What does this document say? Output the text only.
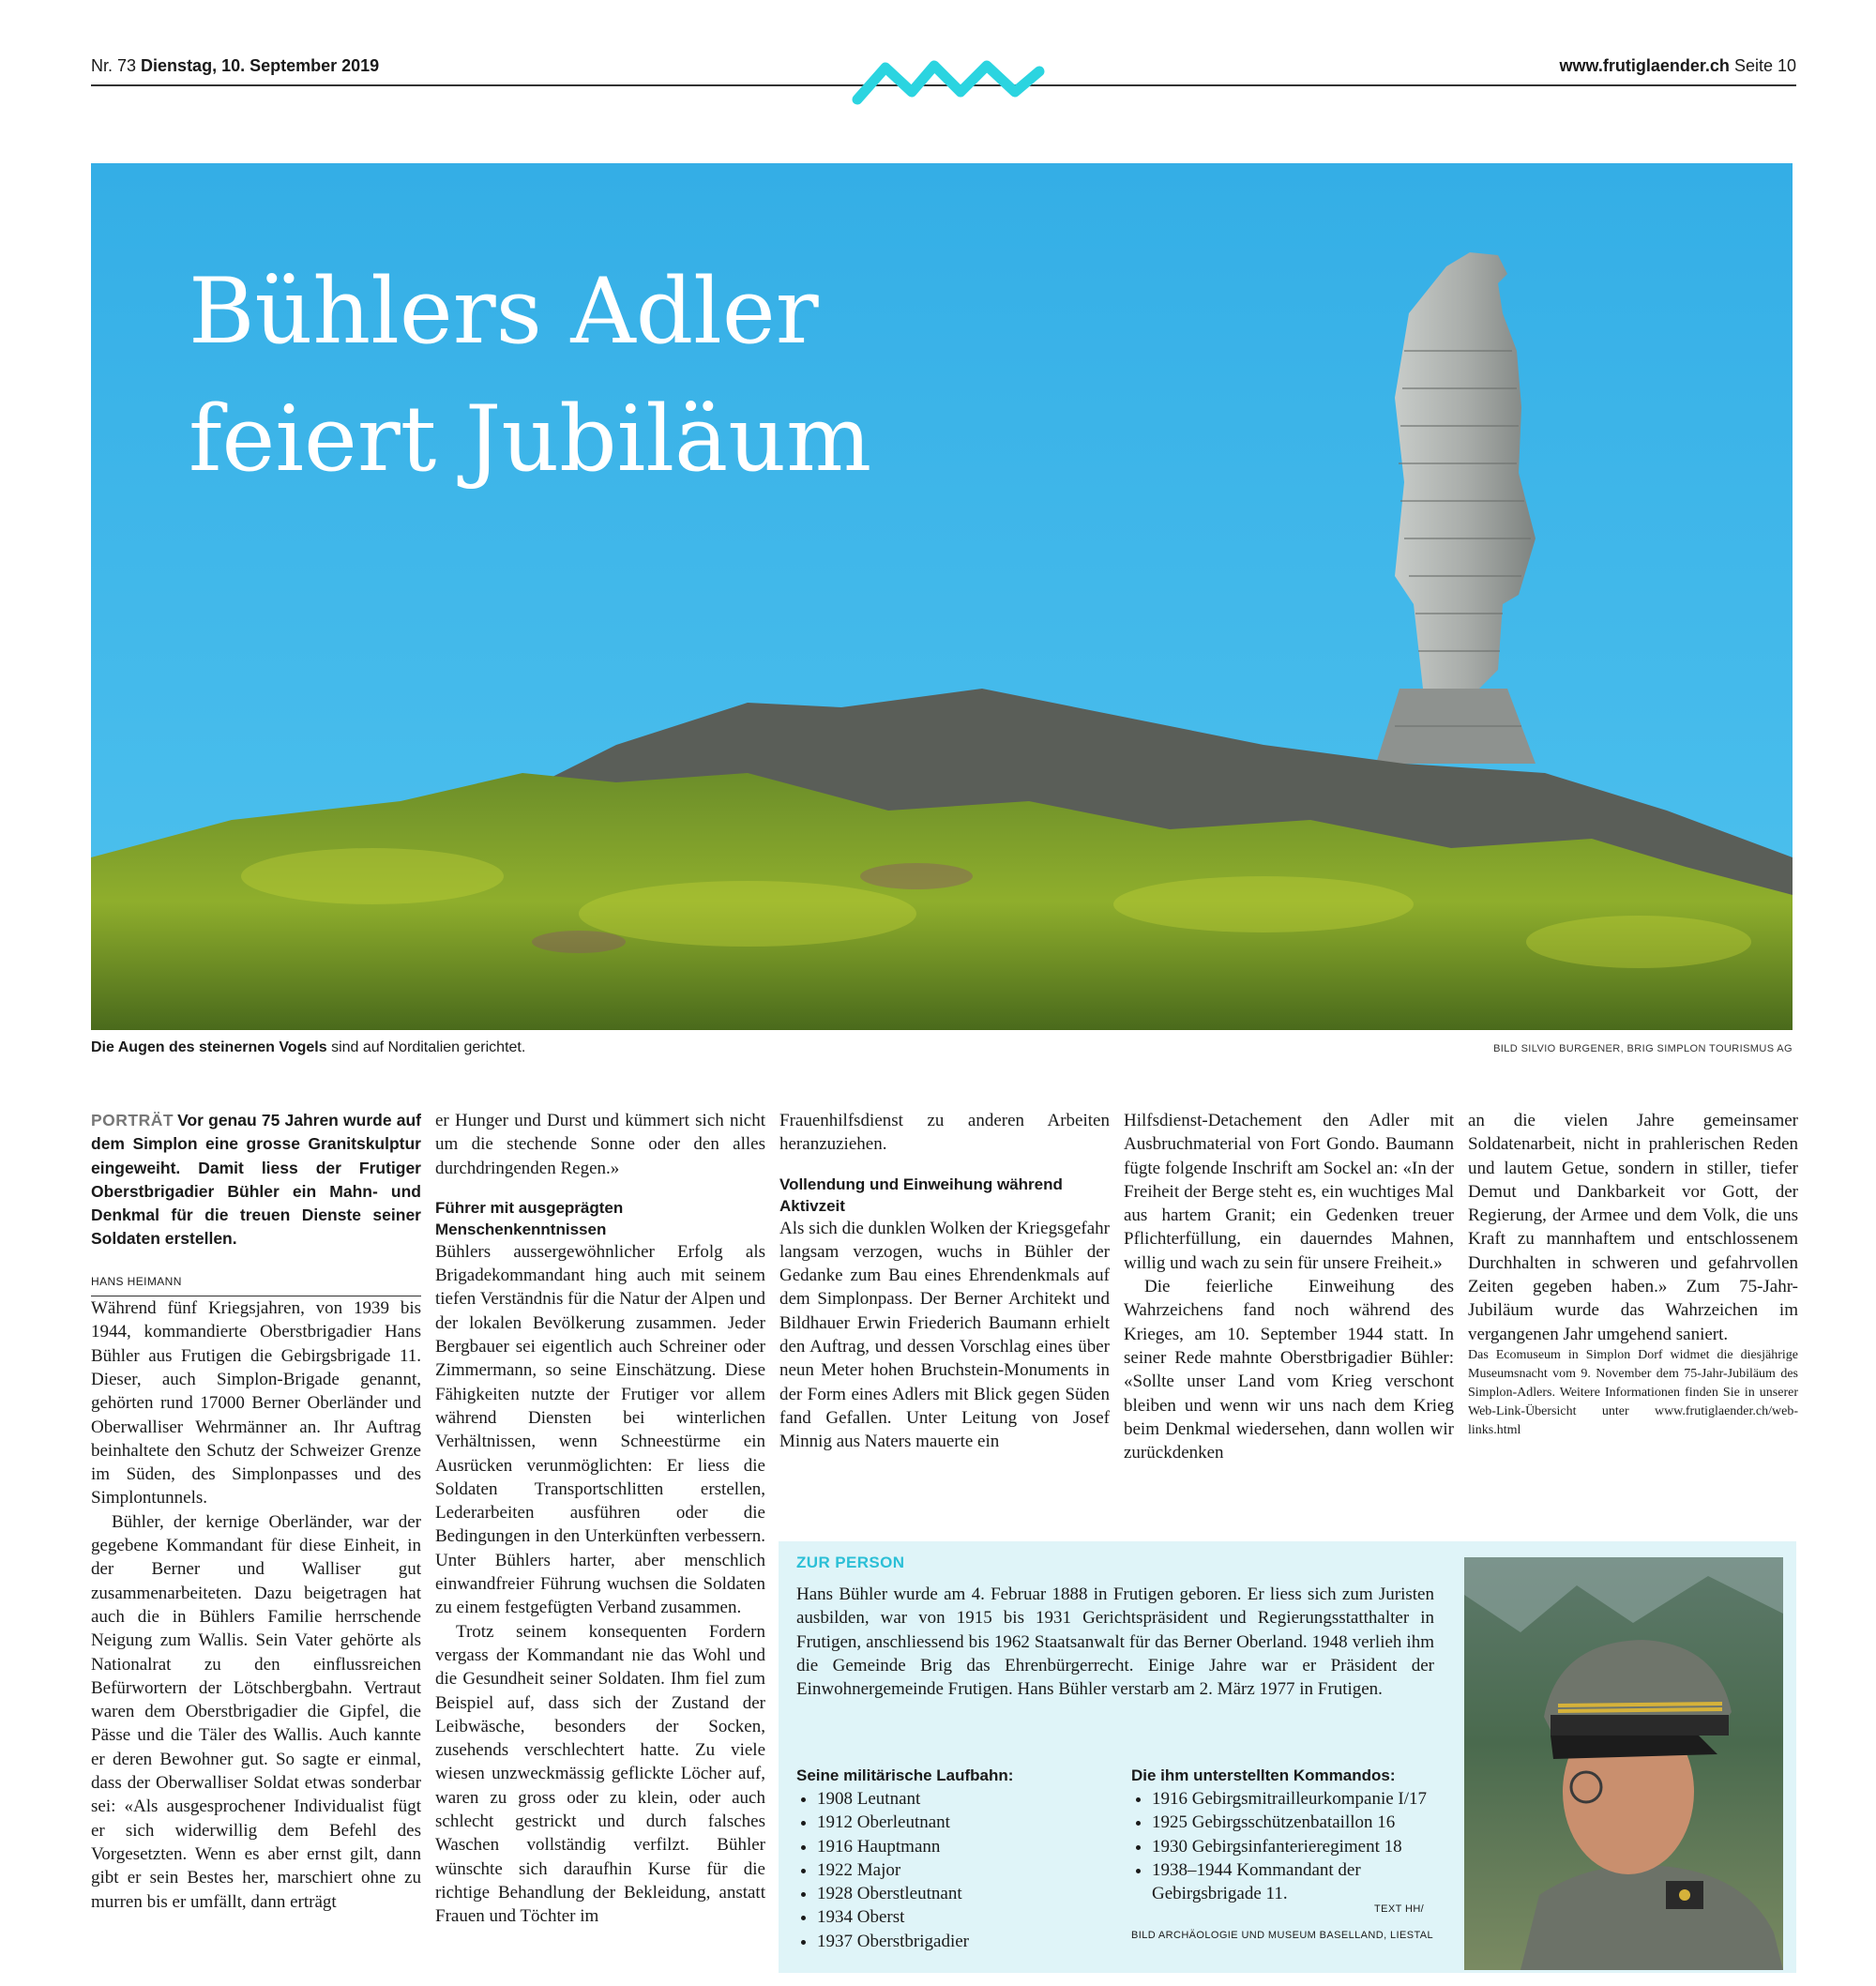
Nr. 73 Dienstag, 10. September 2019	www.frutiglaender.ch Seite 10
Bühlers Adler
feiert Jubiläum
Die Augen des steinernen Vogels sind auf Norditalien gerichtet.	BILD SILVIO BURGENER, BRIG SIMPLON TOURISMUS AG
PORTRÄT Vor genau 75 Jahren wurde auf dem Simplon eine grosse Granitskulptur eingeweiht. Damit liess der Frutiger Oberstbrigadier Bühler ein Mahn- und Denkmal für die treuen Dienste seiner Soldaten erstellen.
HANS HEIMANN

Während fünf Kriegsjahren, von 1939 bis 1944, kommandierte Oberstbrigadier Hans Bühler aus Frutigen die Gebirgsbrigade 11. Dieser, auch Simplon-Brigade genannt, gehörten rund 17000 Berner Oberländer und Oberwalliser Wehrmänner an. Ihr Auftrag beinhaltete den Schutz der Schweizer Grenze im Süden, des Simplonpasses und des Simplontunnels.

Bühler, der kernige Oberländer, war der gegebene Kommandant für diese Einheit, in der Berner und Walliser gut zusammenarbeiteten. Dazu beigetragen hat auch die in Bühlers Familie herrschende Neigung zum Wallis. Sein Vater gehörte als Nationalrat zu den einflussreichen Befürwortern der Lötschbergbahn. Vertraut waren dem Oberstbrigadier die Gipfel, die Pässe und die Täler des Wallis. Auch kannte er deren Bewohner gut. So sagte er einmal, dass der Oberwalliser Soldat etwas sonderbar sei: «Als ausgesprochener Individualist fügt er sich widerwillig dem Befehl des Vorgesetzten. Wenn es aber ernst gilt, dann gibt er sein Bestes her, marschiert ohne zu murren bis er umfällt, dann erträgt

er Hunger und Durst und kümmert sich nicht um die stechende Sonne oder den alles durchdringenden Regen.»

Führer mit ausgeprägten Menschenkenntnissen

Bühlers aussergewöhnlicher Erfolg als Brigadekommandant hing auch mit seinem tiefen Verständnis für die Natur der Alpen und der lokalen Bevölkerung zusammen. Jeder Bergbauer sei eigentlich auch Schreiner oder Zimmermann, so seine Einschätzung. Diese Fähigkeiten nutzte der Frutiger vor allem während Diensten bei winterlichen Verhältnissen, wenn Schneestürme ein Ausrücken verunmöglichten: Er liess die Soldaten Transportschlitten erstellen, Lederarbeiten ausführen oder die Bedingungen in den Unterkünften verbessern. Unter Bühlers harter, aber menschlich einwandfreier Führung wuchsen die Soldaten zu einem festgefügten Verband zusammen.

Trotz seinem konsequenten Fordern vergass der Kommandant nie das Wohl und die Gesundheit seiner Soldaten. Ihm fiel zum Beispiel auf, dass sich der Zustand der Leibwäsche, besonders der Socken, zusehends verschlechtert hatte. Zu viele wiesen unzweckmässig geflickte Löcher auf, waren zu gross oder zu klein, oder auch schlecht gestrickt und durch falsches Waschen vollständig verfilzt. Bühler wünschte sich daraufhin Kurse für die richtige Behandlung der Bekleidung, anstatt Frauen und Töchter im

Frauenhilfsdienst zu anderen Arbeiten heranzuziehen.

Vollendung und Einweihung während Aktivzeit

Als sich die dunklen Wolken der Kriegsgefahr langsam verzogen, wuchs in Bühler der Gedanke zum Bau eines Ehrendenkmals auf dem Simplonpass. Der Berner Architekt und Bildhauer Erwin Friederich Baumann erhielt den Auftrag, und dessen Vorschlag eines über neun Meter hohen Bruchstein-Monuments in der Form eines Adlers mit Blick gegen Süden fand Gefallen. Unter Leitung von Josef Minnig aus Naters mauerte ein

Hilfsdienst-Detachement den Adler mit Ausbruchmaterial von Fort Gondo. Baumann fügte folgende Inschrift am Sockel an: «In der Freiheit der Berge steht es, ein wuchtiges Mal aus hartem Granit; ein Gedenken treuer Pflichterfüllung, ein dauerndes Mahnen, willig und wach zu sein für unsere Freiheit.»

Die feierliche Einweihung des Wahrzeichens fand noch während des Krieges, am 10. September 1944 statt. In seiner Rede mahnte Oberstbrigadier Bühler: «Sollte unser Land vom Krieg verschont bleiben und wenn wir uns nach dem Krieg beim Denkmal wiedersehen, dann wollen wir zurückdenken

an die vielen Jahre gemeinsamer Soldatenarbeit, nicht in prahlerischen Reden und lautem Getue, sondern in stiller, tiefer Demut und Dankbarkeit vor Gott, der Regierung, der Armee und dem Volk, die uns Kraft zu mannhaftem und entschlossenem Durchhalten in schweren und gefahrvollen Zeiten gegeben haben.» Zum 75-Jahr-Jubiläum wurde das Wahrzeichen im vergangenen Jahr umgehend saniert.

Das Ecomuseum in Simplon Dorf widmet die diesjährige Museumsnacht vom 9. November dem 75-Jahr-Jubiläum des Simplon-Adlers. Weitere Informationen finden Sie in unserer Web-Link-Übersicht unter www.frutiglaender.ch/web-links.html

ZUR PERSON

Hans Bühler wurde am 4. Februar 1888 in Frutigen geboren. Er liess sich zum Juristen ausbilden, war von 1915 bis 1931 Gerichtspräsident und Regierungsstatthalter in Frutigen, anschliessend bis 1962 Staatsanwalt für das Berner Oberland. 1948 verlieh ihm die Gemeinde Brig das Ehrenbürgerrecht. Einige Jahre war er Präsident der Einwohnergemeinde Frutigen. Hans Bühler verstarb am 2. März 1977 in Frutigen.

Seine militärische Laufbahn:
• 1908 Leutnant
• 1912 Oberleutnant
• 1916 Hauptmann
• 1922 Major
• 1928 Oberstleutnant
• 1934 Oberst
• 1937 Oberstbrigadier
Die ihm unterstellten Kommandos:
• 1916 Gebirgsmitrailleurkompanie I/17
• 1925 Gebirgsschützenbataillon 16
• 1930 Gebirgsinfanterieregiment 18
• 1938–1944 Kommandant der Gebirgsbrigade 11.
TEXT HH/
BILD ARCHÄOLOGIE UND MUSEUM BASELLAND, LIESTAL
